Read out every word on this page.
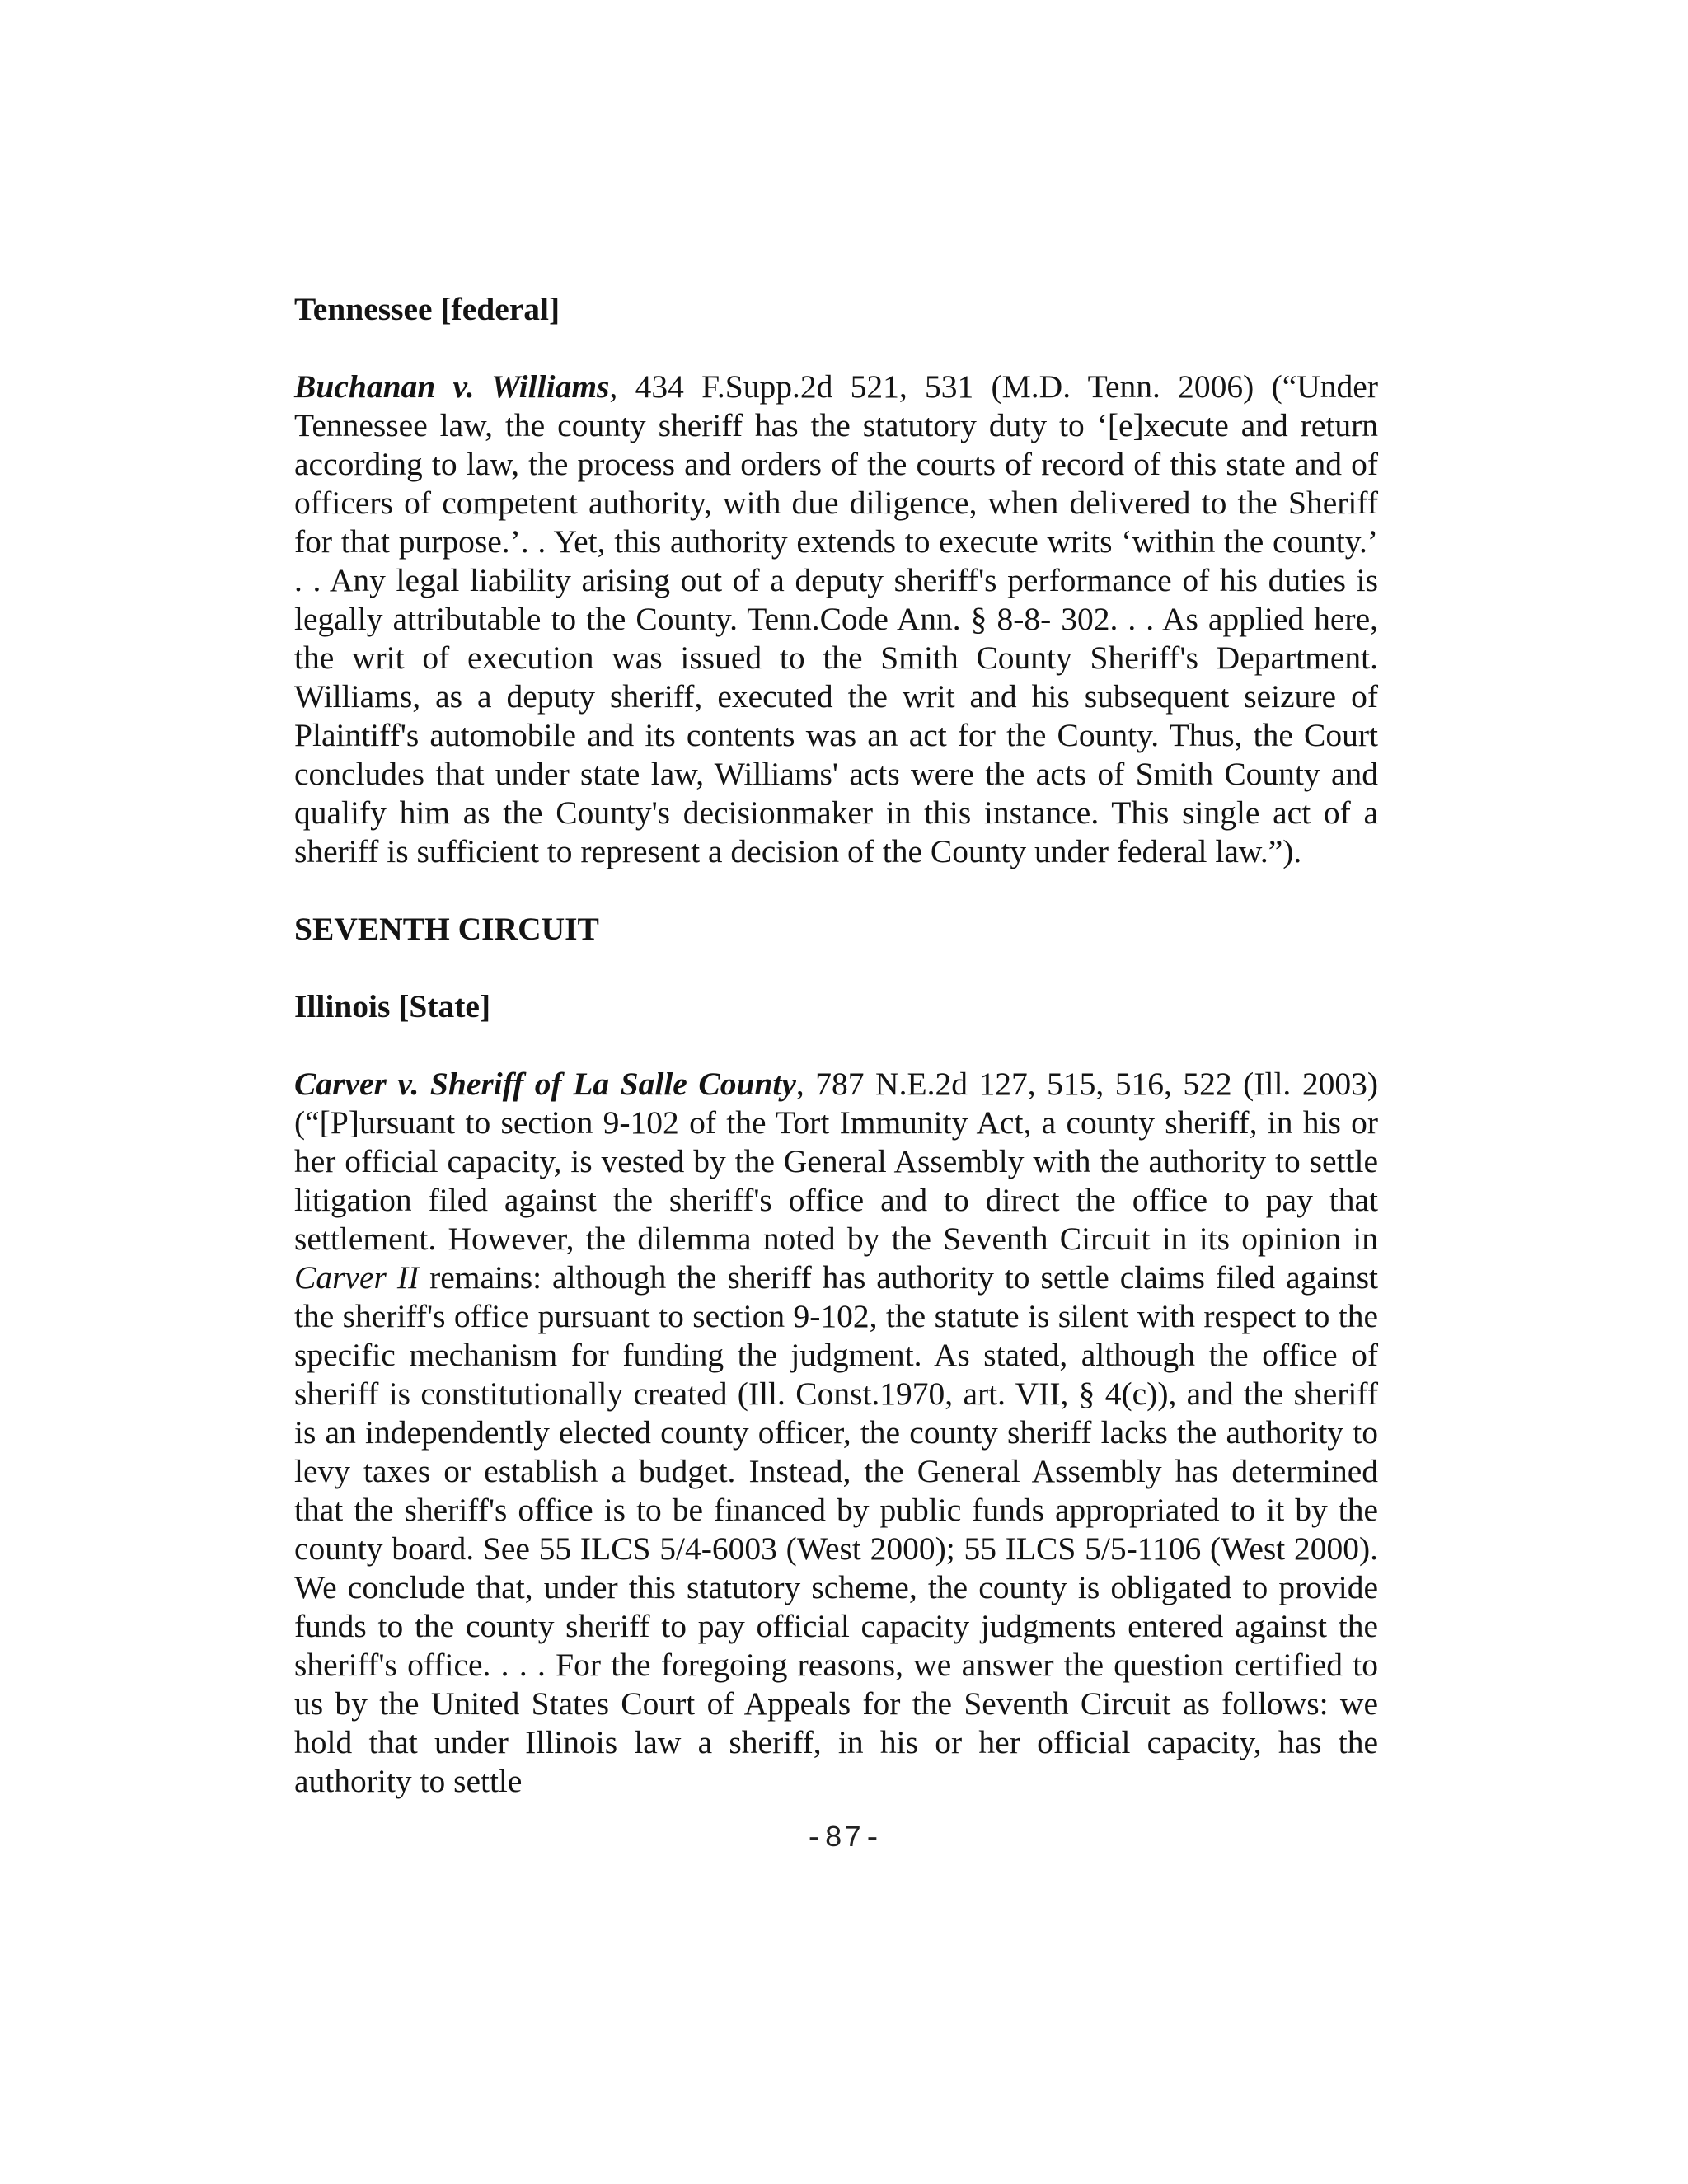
Tennessee [federal]

Buchanan v. Williams, 434 F.Supp.2d 521, 531 (M.D. Tenn. 2006) (“Under Tennessee law, the county sheriff has the statutory duty to ‘[e]xecute and return according to law, the process and orders of the courts of record of this state and of officers of competent authority, with due diligence, when delivered to the Sheriff for that purpose.’. . Yet, this authority extends to execute writs ‘within the county.’ . . Any legal liability arising out of a deputy sheriff's performance of his duties is legally attributable to the County. Tenn.Code Ann. § 8-8- 302. . . As applied here, the writ of execution was issued to the Smith County Sheriff's Department. Williams, as a deputy sheriff, executed the writ and his subsequent seizure of Plaintiff's automobile and its contents was an act for the County. Thus, the Court concludes that under state law, Williams' acts were the acts of Smith County and qualify him as the County's decisionmaker in this instance. This single act of a sheriff is sufficient to represent a decision of the County under federal law.”).

SEVENTH CIRCUIT

Illinois [State]

Carver v. Sheriff of La Salle County, 787 N.E.2d 127, 515, 516, 522 (Ill. 2003) (“[P]ursuant to section 9-102 of the Tort Immunity Act, a county sheriff, in his or her official capacity, is vested by the General Assembly with the authority to settle litigation filed against the sheriff's office and to direct the office to pay that settlement. However, the dilemma noted by the Seventh Circuit in its opinion in Carver II remains: although the sheriff has authority to settle claims filed against the sheriff's office pursuant to section 9-102, the statute is silent with respect to the specific mechanism for funding the judgment. As stated, although the office of sheriff is constitutionally created (Ill. Const.1970, art. VII, § 4(c)), and the sheriff is an independently elected county officer, the county sheriff lacks the authority to levy taxes or establish a budget. Instead, the General Assembly has determined that the sheriff's office is to be financed by public funds appropriated to it by the county board. See 55 ILCS 5/4-6003 (West 2000); 55 ILCS 5/5-1106 (West 2000). We conclude that, under this statutory scheme, the county is obligated to provide funds to the county sheriff to pay official capacity judgments entered against the sheriff's office. . . . For the foregoing reasons, we answer the question certified to us by the United States Court of Appeals for the Seventh Circuit as follows: we hold that under Illinois law a sheriff, in his or her official capacity, has the authority to settle

-87-
